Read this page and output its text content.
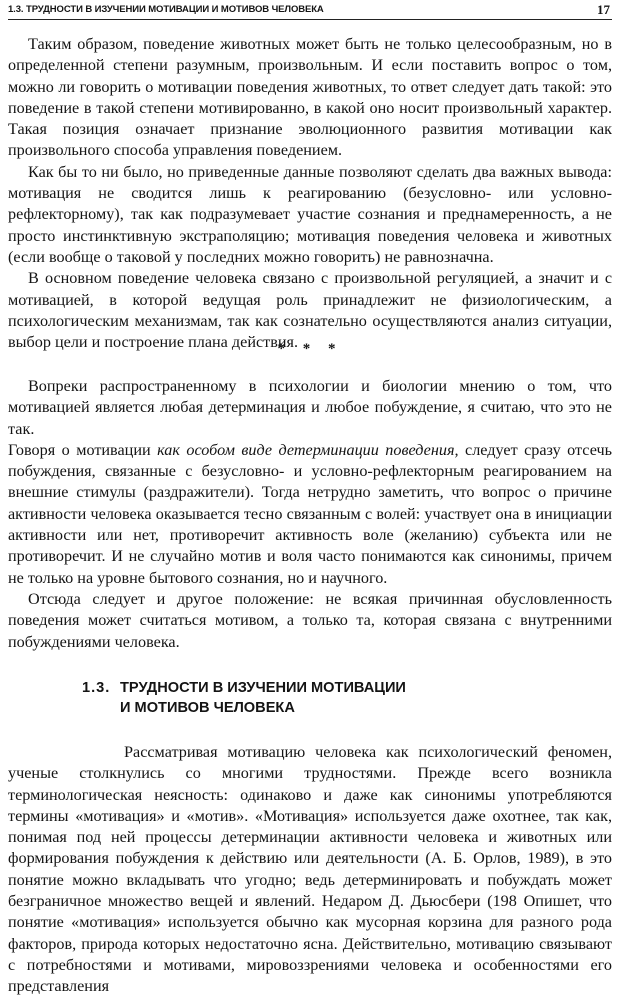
1.3. ТРУДНОСТИ В ИЗУЧЕНИИ МОТИВАЦИИ И МОТИВОВ ЧЕЛОВЕКА	17

Таким образом, поведение животных может быть не только целесообразным, но в определенной степени разумным, произвольным. И если поставить вопрос о том, можно ли говорить о мотивации поведения животных, то ответ следует дать такой: это поведение в такой степени мотивированно, в какой оно носит произвольный характер. Такая позиция означает признание эволюционного развития мотивации как произвольного способа управления поведением.

Как бы то ни было, но приведенные данные позволяют сделать два важных вывода: мотивация не сводится лишь к реагированию (безусловно- или условно-рефлекторному), так как подразумевает участие сознания и преднамеренность, а не просто инстинктивную экстраполяцию; мотивация поведения человека и животных (если вообще о таковой у последних можно говорить) не равнозначна.

В основном поведение человека связано с произвольной регуляцией, а значит и с мотивацией, в которой ведущая роль принадлежит не физиологическим, а психологическим механизмам, так как сознательно осуществляются анализ ситуации, выбор цели и построение плана действия.

* * *

Вопреки распространенному в психологии и биологии мнению о том, что мотивацией является любая детерминация и любое побуждение, я считаю, что это не так.

Говоря о мотивации как особом виде детерминации поведения, следует сразу отсечь побуждения, связанные с безусловно- и условно-рефлекторным реагированием на внешние стимулы (раздражители). Тогда нетрудно заметить, что вопрос о причине активности человека оказывается тесно связанным с волей: участвует она в инициации активности или нет, противоречит активность воле (желанию) субъекта или не противоречит. И не случайно мотив и воля часто понимаются как синонимы, причем не только на уровне бытового сознания, но и научного.

Отсюда следует и другое положение: не всякая причинная обусловленность поведения может считаться мотивом, а только та, которая связана с внутренними побуждениями человека.

1.3. ТРУДНОСТИ В ИЗУЧЕНИИ МОТИВАЦИИ
И МОТИВОВ ЧЕЛОВЕКА

Рассматривая мотивацию человека как психологический феномен, ученые столкнулись со многими трудностями. Прежде всего возникла терминологическая неясность: одинаково и даже как синонимы употребляются термины «мотивация» и «мотив». «Мотивация» используется даже охотнее, так как, понимая под ней процессы детерминации активности человека и животных или формирования побуждения к действию или деятельности (А. Б. Орлов, 1989), в это понятие можно вкладывать что угодно; ведь детерминировать и побуждать может безграничное множество вещей и явлений. Недаром Д. Дьюсбери (198 Опишет, что понятие «мотивация» используется обычно как мусорная корзина для разного рода факторов, природа которых недостаточно ясна. Действительно, мотивацию связывают с потребностями и мотивами, мировоззрениями человека и особенностями его представления
